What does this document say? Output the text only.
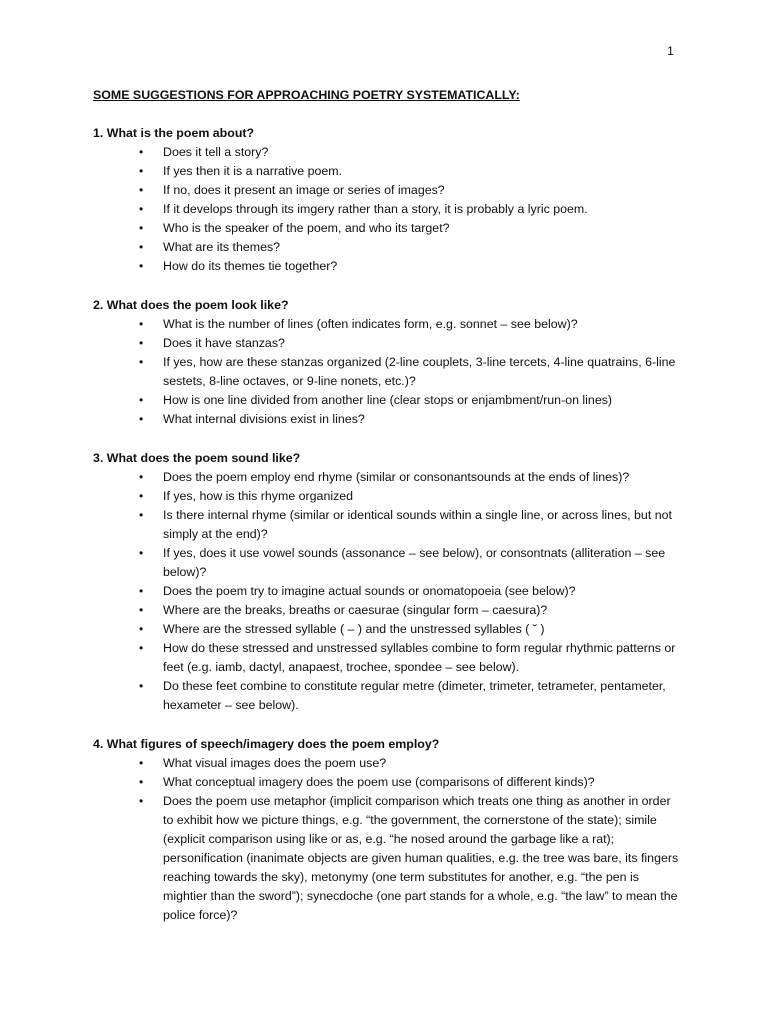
1
SOME SUGGESTIONS FOR APPROACHING POETRY SYSTEMATICALLY:
1. What is the poem about?
• Does it tell a story?
• If yes then it is a narrative poem.
• If no, does it present an image or series of images?
• If it develops through its imgery rather than a story, it is probably a lyric poem.
• Who is the speaker of the poem, and who its target?
• What are its themes?
• How do its themes tie together?
2. What does the poem look like?
• What is the number of lines (often indicates form, e.g. sonnet – see below)?
• Does it have stanzas?
• If yes, how are these stanzas organized (2-line couplets, 3-line tercets, 4-line quatrains, 6-line sestets, 8-line octaves, or 9-line nonets, etc.)?
• How is one line divided from another line (clear stops or enjambment/run-on lines)
• What internal divisions exist in lines?
3. What does the poem sound like?
• Does the poem employ end rhyme (similar or consonantsounds at the ends of lines)?
• If yes, how is this rhyme organized
• Is there internal rhyme (similar or identical sounds within a single line, or across lines, but not simply at the end)?
• If yes, does it use vowel sounds (assonance – see below), or consontnats (alliteration – see below)?
• Does the poem try to imagine actual sounds or onomatopoeia (see below)?
• Where are the breaks, breaths or caesurae (singular form – caesura)?
• Where are the stressed syllable ( – ) and the unstressed syllables ( ˘ )
• How do these stressed and unstressed syllables combine to form regular rhythmic patterns or feet (e.g. iamb, dactyl, anapaest, trochee, spondee – see below).
• Do these feet combine to constitute regular metre (dimeter, trimeter, tetrameter, pentameter, hexameter – see below).
4. What figures of speech/imagery does the poem employ?
• What visual images does the poem use?
• What conceptual imagery does the poem use (comparisons of different kinds)?
• Does the poem use metaphor (implicit comparison which treats one thing as another in order to exhibit how we picture things, e.g. “the government, the cornerstone of the state); simile (explicit comparison using like or as, e.g. “he nosed around the garbage like a rat); personification (inanimate objects are given human qualities, e.g. the tree was bare, its fingers reaching towards the sky), metonymy (one term substitutes for another, e.g. “the pen is mightier than the sword”); synecdoche (one part stands for a whole, e.g. “the law” to mean the police force)?
